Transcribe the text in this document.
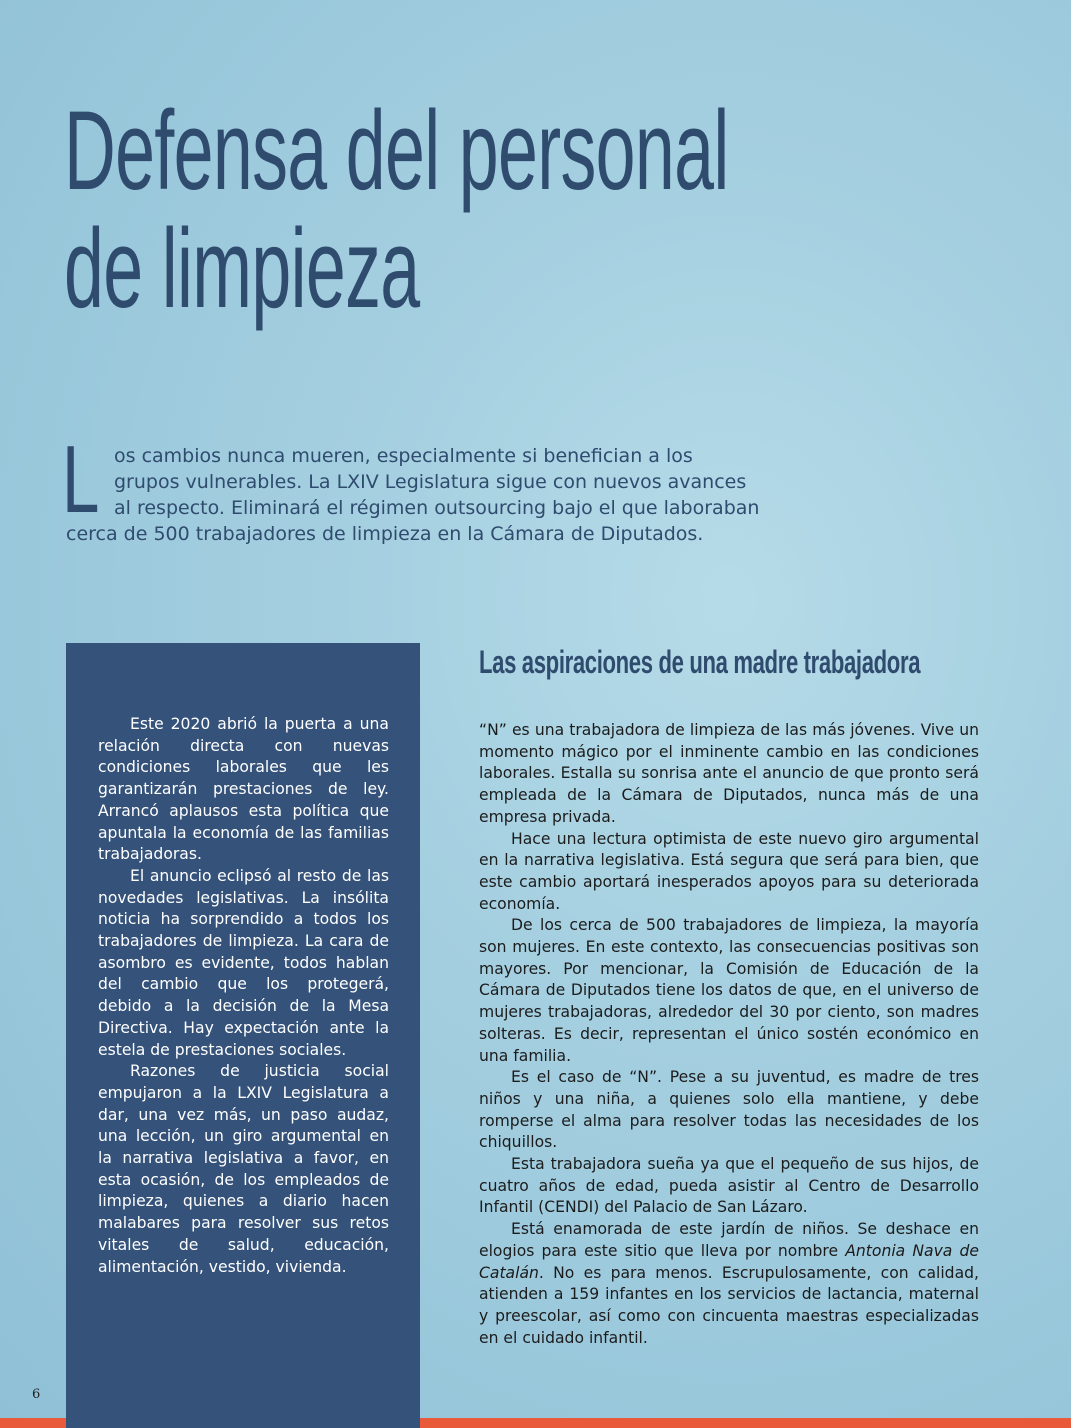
Defensa del personal
de limpieza
L os cambios nunca mueren, especialmente si benefician a los
grupos vulnerables. La LXIV Legislatura sigue con nuevos avances
al respecto. Eliminará el régimen outsourcing bajo el que laboraban
cerca de 500 trabajadores de limpieza en la Cámara de Diputados.

Este 2020 abrió la puerta a una relación directa con nuevas condiciones laborales que les garantizarán prestaciones de ley. Arrancó aplausos esta política que apuntala la economía de las familias trabajadoras.

El anuncio eclipsó al resto de las novedades legislativas. La insólita noticia ha sorprendido a todos los trabajadores de limpieza. La cara de asombro es evidente, todos hablan del cambio que los protegerá, debido a la decisión de la Mesa Directiva. Hay expectación ante la estela de prestaciones sociales.

Razones de justicia social empujaron a la LXIV Legislatura a dar, una vez más, un paso audaz, una lección, un giro argumental en la narrativa legislativa a favor, en esta ocasión, de los empleados de limpieza, quienes a diario hacen malabares para resolver sus retos vitales de salud, educación, alimentación, vestido, vivienda.

Las aspiraciones de una madre trabajadora

“N” es una trabajadora de limpieza de las más jóvenes. Vive un momento mágico por el inminente cambio en las condiciones laborales. Estalla su sonrisa ante el anuncio de que pronto será empleada de la Cámara de Diputados, nunca más de una empresa privada.

Hace una lectura optimista de este nuevo giro argumental en la narrativa legislativa. Está segura que será para bien, que este cambio aportará inesperados apoyos para su deteriorada economía.

De los cerca de 500 trabajadores de limpieza, la mayoría son mujeres. En este contexto, las consecuencias positivas son mayores. Por mencionar, la Comisión de Educación de la Cámara de Diputados tiene los datos de que, en el universo de mujeres trabajadoras, alrededor del 30 por ciento, son madres solteras. Es decir, representan el único sostén económico en una familia.

Es el caso de “N”. Pese a su juventud, es madre de tres niños y una niña, a quienes solo ella mantiene, y debe romperse el alma para resolver todas las necesidades de los chiquillos.

Esta trabajadora sueña ya que el pequeño de sus hijos, de cuatro años de edad, pueda asistir al Centro de Desarrollo Infantil (CENDI) del Palacio de San Lázaro.

Está enamorada de este jardín de niños. Se deshace en elogios para este sitio que lleva por nombre Antonia Nava de Catalán. No es para menos. Escrupulosamente, con calidad, atienden a 159 infantes en los servicios de lactancia, maternal y preescolar, así como con cincuenta maestras especializadas en el cuidado infantil.

6
